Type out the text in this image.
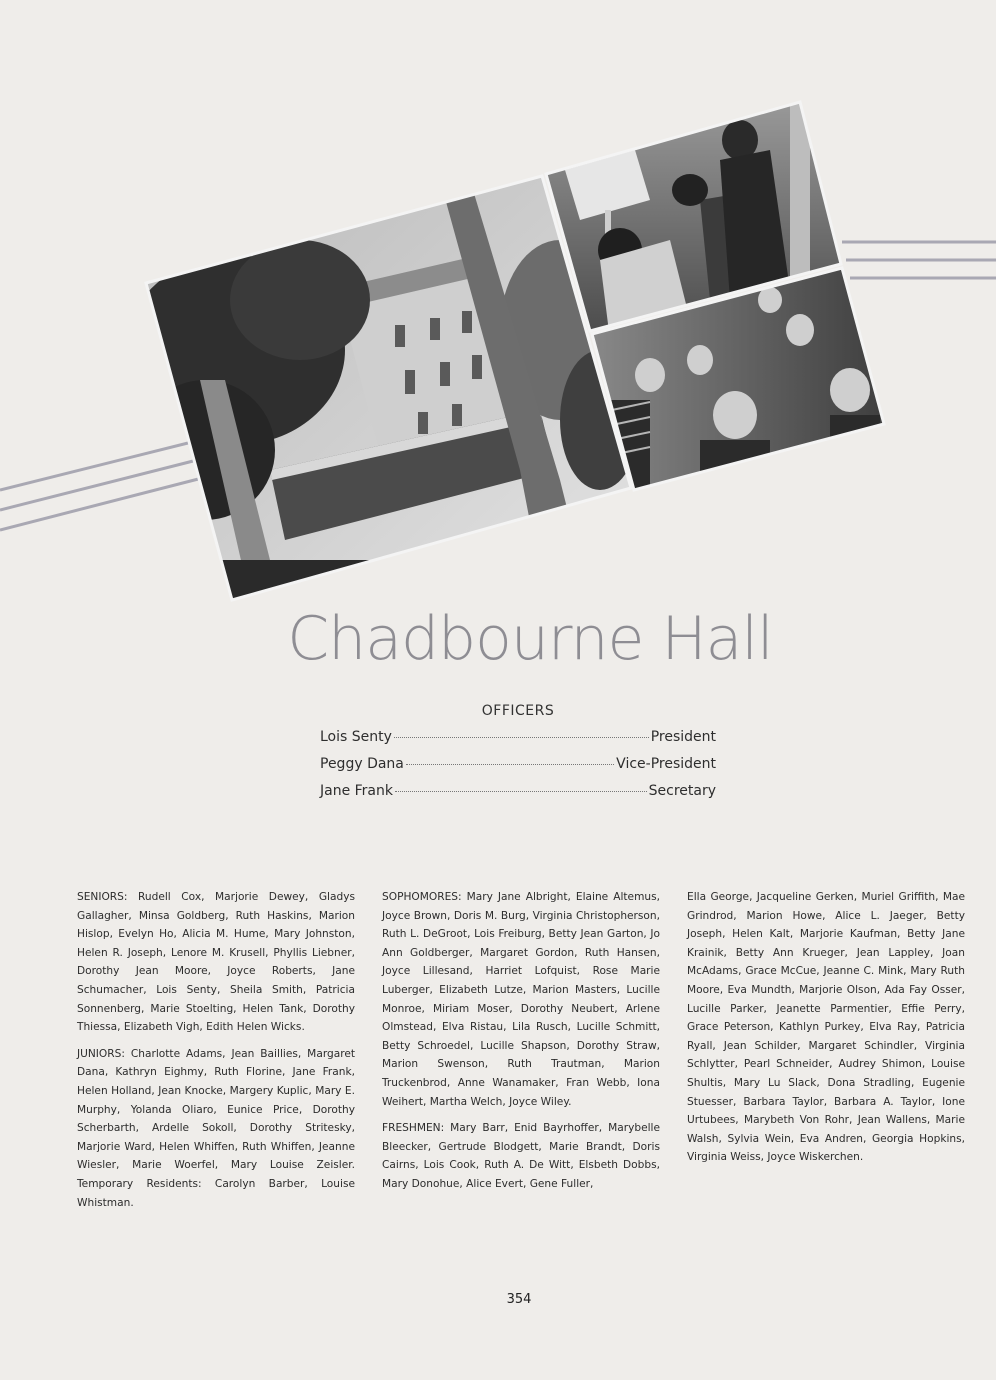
Chadbourne Hall
OFFICERS
Lois Senty	President
Peggy Dana	Vice-President
Jane Frank	Secretary

SENIORS: Rudell Cox, Marjorie Dewey, Gladys Gallagher, Minsa Goldberg, Ruth Haskins, Marion Hislop, Evelyn Ho, Alicia M. Hume, Mary Johnston, Helen R. Joseph, Lenore M. Krusell, Phyllis Liebner, Dorothy Jean Moore, Joyce Roberts, Jane Schumacher, Lois Senty, Sheila Smith, Patricia Sonnenberg, Marie Stoelting, Helen Tank, Dorothy Thiessa, Elizabeth Vigh, Edith Helen Wicks.

JUNIORS: Charlotte Adams, Jean Baillies, Margaret Dana, Kathryn Eighmy, Ruth Florine, Jane Frank, Helen Holland, Jean Knocke, Margery Kuplic, Mary E. Murphy, Yolanda Oliaro, Eunice Price, Dorothy Scherbarth, Ardelle Sokoll, Dorothy Stritesky, Marjorie Ward, Helen Whiffen, Ruth Whiffen, Jeanne Wiesler, Marie Woerfel, Mary Louise Zeisler. Temporary Residents: Carolyn Barber, Louise Whistman.

SOPHOMORES: Mary Jane Albright, Elaine Altemus, Joyce Brown, Doris M. Burg, Virginia Christopherson, Ruth L. DeGroot, Lois Freiburg, Betty Jean Garton, Jo Ann Goldberger, Margaret Gordon, Ruth Hansen, Joyce Lillesand, Harriet Lofquist, Rose Marie Luberger, Elizabeth Lutze, Marion Masters, Lucille Monroe, Miriam Moser, Dorothy Neubert, Arlene Olmstead, Elva Ristau, Lila Rusch, Lucille Schmitt, Betty Schroedel, Lucille Shapson, Dorothy Straw, Marion Swenson, Ruth Trautman, Marion Truckenbrod, Anne Wanamaker, Fran Webb, Iona Weihert, Martha Welch, Joyce Wiley.

FRESHMEN: Mary Barr, Enid Bayrhoffer, Marybelle Bleecker, Gertrude Blodgett, Marie Brandt, Doris Cairns, Lois Cook, Ruth A. De Witt, Elsbeth Dobbs, Mary Donohue, Alice Evert, Gene Fuller,

Ella George, Jacqueline Gerken, Muriel Griffith, Mae Grindrod, Marion Howe, Alice L. Jaeger, Betty Joseph, Helen Kalt, Marjorie Kaufman, Betty Jane Krainik, Betty Ann Krueger, Jean Lappley, Joan McAdams, Grace McCue, Jeanne C. Mink, Mary Ruth Moore, Eva Mundth, Marjorie Olson, Ada Fay Osser, Lucille Parker, Jeanette Parmentier, Effie Perry, Grace Peterson, Kathlyn Purkey, Elva Ray, Patricia Ryall, Jean Schilder, Margaret Schindler, Virginia Schlytter, Pearl Schneider, Audrey Shimon, Louise Shultis, Mary Lu Slack, Dona Stradling, Eugenie Stuesser, Barbara Taylor, Barbara A. Taylor, Ione Urtubees, Marybeth Von Rohr, Jean Wallens, Marie Walsh, Sylvia Wein, Eva Andren, Georgia Hopkins, Virginia Weiss, Joyce Wiskerchen.

354
